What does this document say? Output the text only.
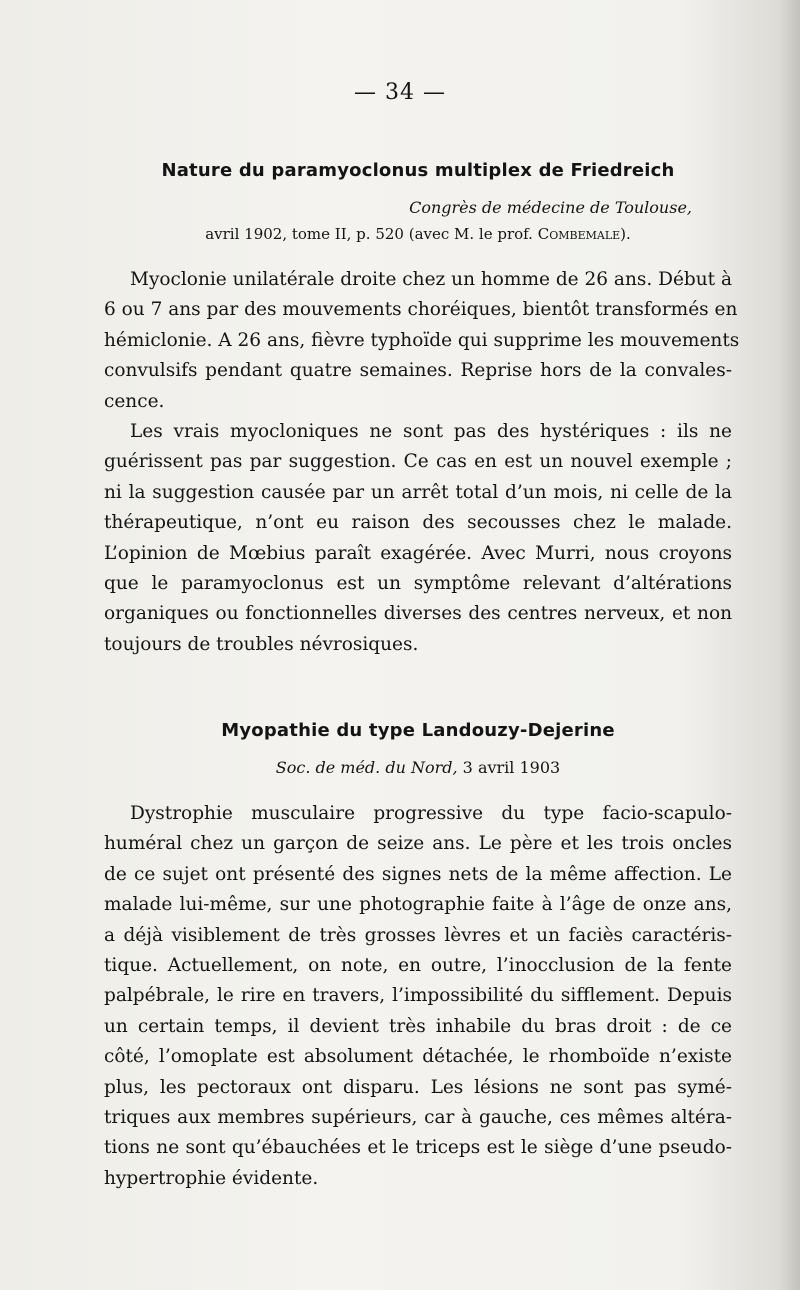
— 34 —
Nature du paramyoclonus multiplex de Friedreich
Congrès de médecine de Toulouse,
avril 1902, tome II, p. 520 (avec M. le prof. Combemale).
Myoclonie unilatérale droite chez un homme de 26 ans. Début à
6 ou 7 ans par des mouvements choréiques, bientôt transformés en
hémiclonie. A 26 ans, fièvre typhoïde qui supprime les mouvements
convulsifs pendant quatre semaines. Reprise hors de la convales-
cence.
Les vrais myocloniques ne sont pas des hystériques : ils ne
guérissent pas par suggestion. Ce cas en est un nouvel exemple ;
ni la suggestion causée par un arrêt total d’un mois, ni celle de la
thérapeutique, n’ont eu raison des secousses chez le malade.
L’opinion de Mœbius paraît exagérée. Avec Murri, nous croyons
que le paramyoclonus est un symptôme relevant d’altérations
organiques ou fonctionnelles diverses des centres nerveux, et non
toujours de troubles névrosiques.
Myopathie du type Landouzy-Dejerine
Soc. de méd. du Nord, 3 avril 1903
Dystrophie musculaire progressive du type facio-scapulo-
huméral chez un garçon de seize ans. Le père et les trois oncles
de ce sujet ont présenté des signes nets de la même affection. Le
malade lui-même, sur une photographie faite à l’âge de onze ans,
a déjà visiblement de très grosses lèvres et un faciès caractéris-
tique. Actuellement, on note, en outre, l’inocclusion de la fente
palpébrale, le rire en travers, l’impossibilité du sifflement. Depuis
un certain temps, il devient très inhabile du bras droit : de ce
côté, l’omoplate est absolument détachée, le rhomboïde n’existe
plus, les pectoraux ont disparu. Les lésions ne sont pas symé-
triques aux membres supérieurs, car à gauche, ces mêmes altéra-
tions ne sont qu’ébauchées et le triceps est le siège d’une pseudo-
hypertrophie évidente.
